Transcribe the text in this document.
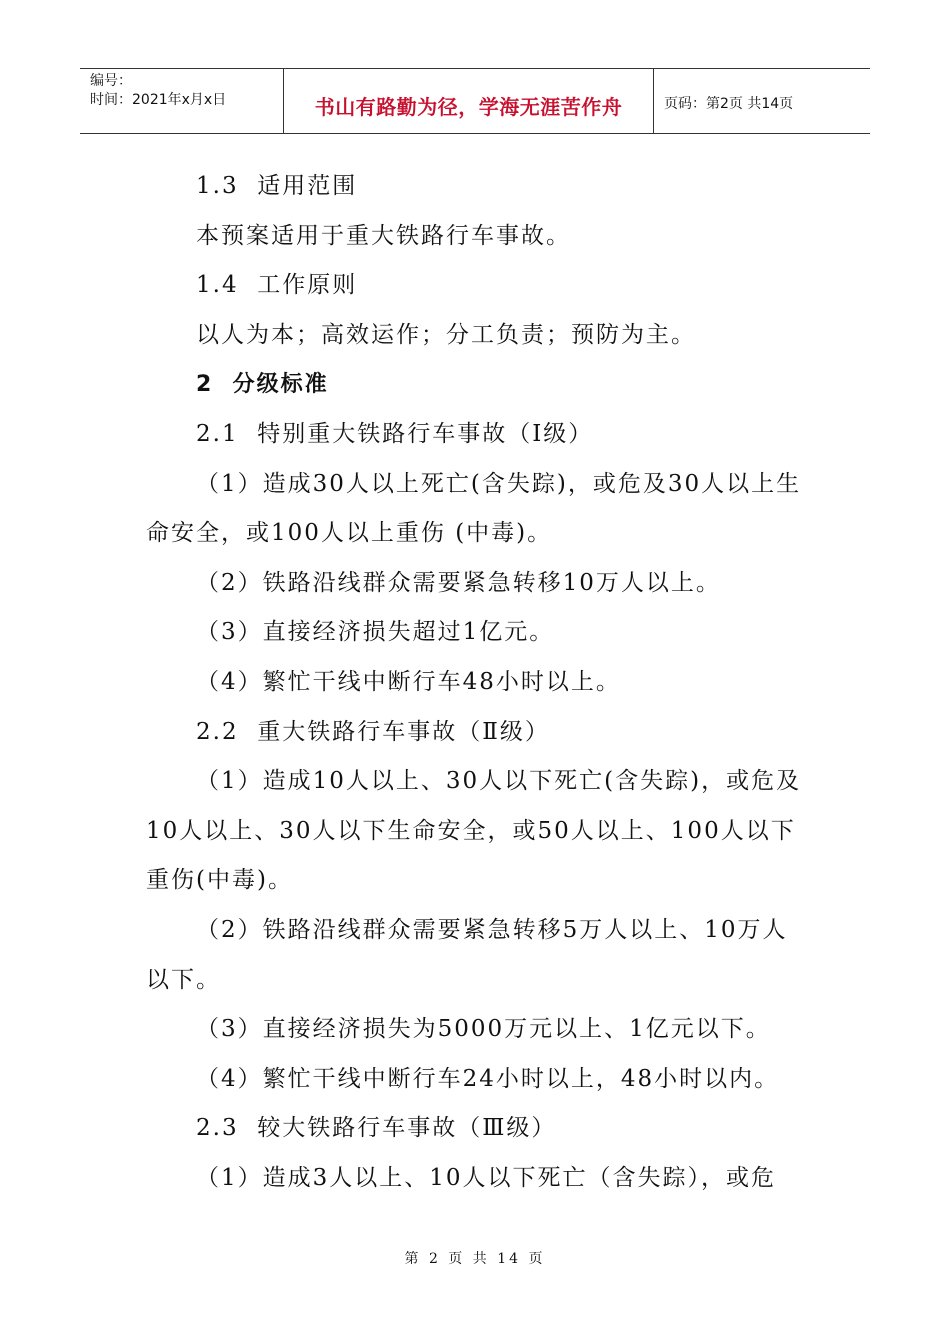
编号：
时间：2021年x月x日	书山有路勤为径，学海无涯苦作舟	页码：第2页 共14页

1.3  适用范围

本预案适用于重大铁路行车事故。

1.4  工作原则

以人为本；高效运作；分工负责；预防为主。

2  分级标准

2.1  特别重大铁路行车事故（Ⅰ级）

（1）造成30人以上死亡(含失踪)，或危及30人以上生命安全，或100人以上重伤 (中毒)。

（2）铁路沿线群众需要紧急转移10万人以上。

（3）直接经济损失超过1亿元。

（4）繁忙干线中断行车48小时以上。

2.2  重大铁路行车事故（Ⅱ级）

（1）造成10人以上、30人以下死亡(含失踪)，或危及10人以上、30人以下生命安全，或50人以上、100人以下重伤(中毒)。

（2）铁路沿线群众需要紧急转移5万人以上、10万人以下。

（3）直接经济损失为5000万元以上、1亿元以下。

（4）繁忙干线中断行车24小时以上，48小时以内。

2.3  较大铁路行车事故（Ⅲ级）

（1）造成3人以上、10人以下死亡（含失踪），或危

第 2 页 共 14 页
